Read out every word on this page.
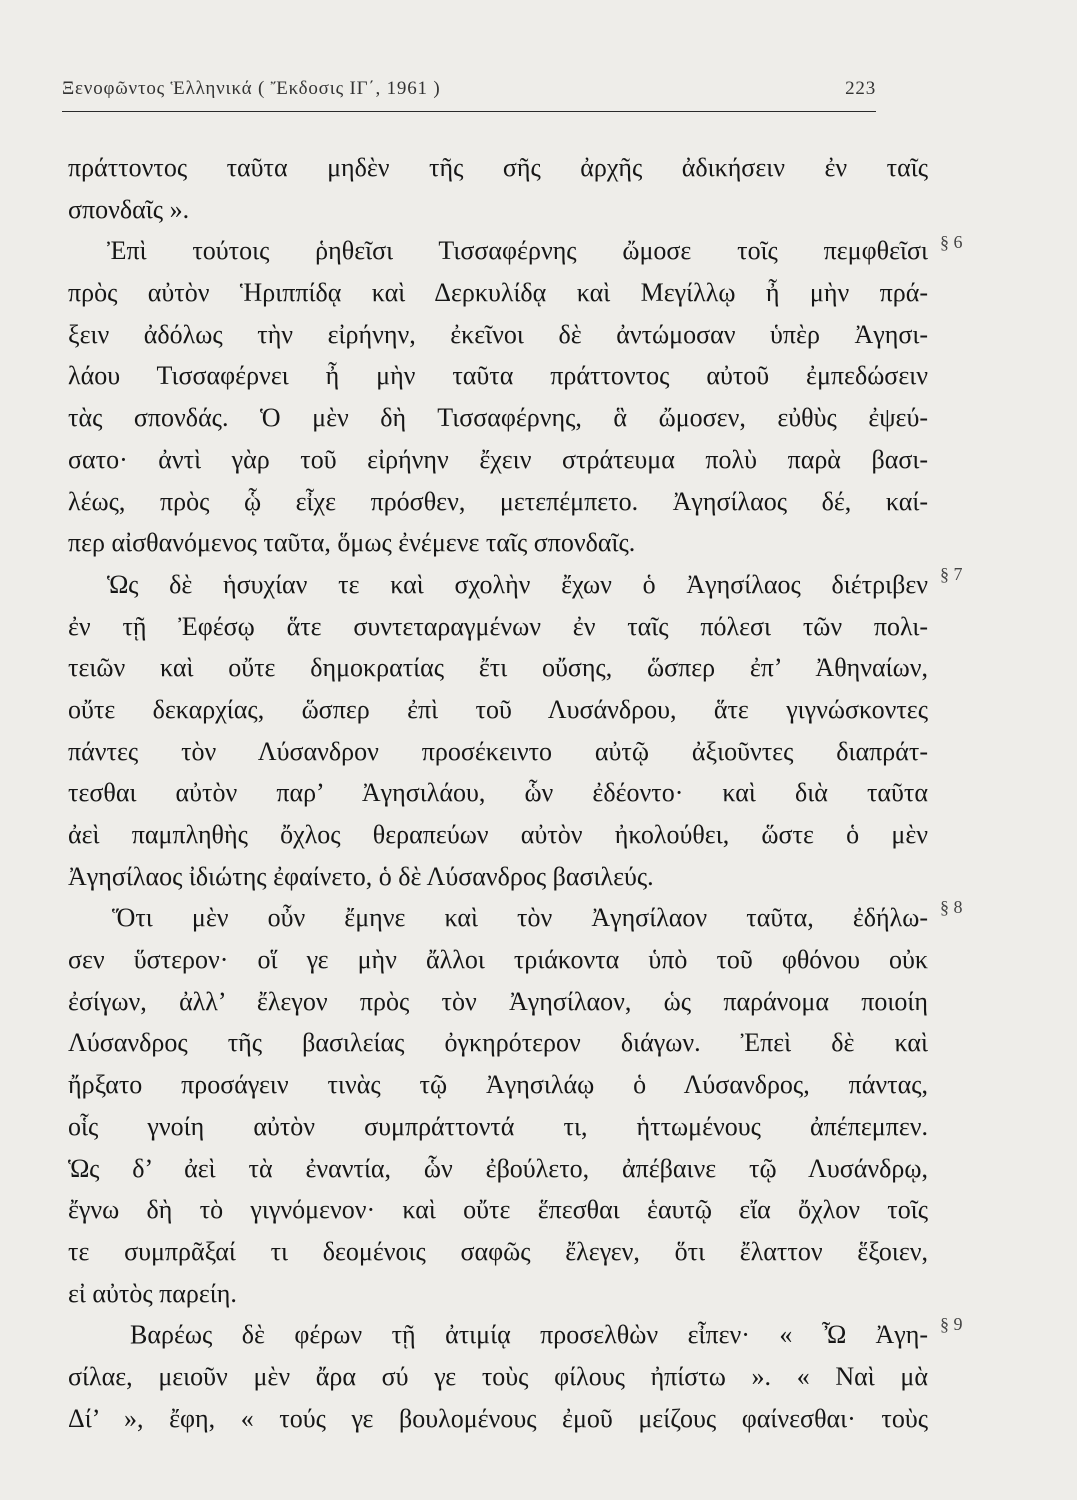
Ξενοφῶντος Ἑλληνικά ( Ἔκδοσις ΙΓ΄, 1961 )	223
πράττοντος ταῦτα μηδὲν τῆς σῆς ἀρχῆς ἀδικήσειν ἐν ταῖς
σπονδαῖς ».
Ἐπὶ τούτοις ῥηθεῖσι Τισσαφέρνης ὤμοσε τοῖς πεμφθεῖσι
πρὸς αὐτὸν Ἡριππίδᾳ καὶ Δερκυλίδᾳ καὶ Μεγίλλῳ ἦ μὴν πρά-
ξειν ἀδόλως τὴν εἰρήνην, ἐκεῖνοι δὲ ἀντώμοσαν ὑπὲρ Ἀγησι-
λάου Τισσαφέρνει ἦ μὴν ταῦτα πράττοντος αὐτοῦ ἐμπεδώσειν
τὰς σπονδάς. Ὁ μὲν δὴ Τισσαφέρνης, ἃ ὤμοσεν, εὐθὺς ἐψεύ-
σατο· ἀντὶ γὰρ τοῦ εἰρήνην ἔχειν στράτευμα πολὺ παρὰ βασι-
λέως, πρὸς ᾧ εἶχε πρόσθεν, μετεπέμπετο. Ἀγησίλαος δέ, καί-
περ αἰσθανόμενος ταῦτα, ὅμως ἐνέμενε ταῖς σπονδαῖς.
Ὡς δὲ ἡσυχίαν τε καὶ σχολὴν ἔχων ὁ Ἀγησίλαος διέτριβεν
ἐν τῇ Ἐφέσῳ ἅτε συντεταραγμένων ἐν ταῖς πόλεσι τῶν πολι-
τειῶν καὶ οὔτε δημοκρατίας ἔτι οὔσης, ὥσπερ ἐπ’ Ἀθηναίων,
οὔτε δεκαρχίας, ὥσπερ ἐπὶ τοῦ Λυσάνδρου, ἅτε γιγνώσκοντες
πάντες τὸν Λύσανδρον προσέκειντο αὐτῷ ἀξιοῦντες διαπράτ-
τεσθαι αὐτὸν παρ’ Ἀγησιλάου, ὧν ἐδέοντο· καὶ διὰ ταῦτα
ἀεὶ παμπληθὴς ὄχλος θεραπεύων αὐτὸν ἠκολούθει, ὥστε ὁ μὲν
Ἀγησίλαος ἰδιώτης ἐφαίνετο, ὁ δὲ Λύσανδρος βασιλεύς.
Ὅτι μὲν οὖν ἔμηνε καὶ τὸν Ἀγησίλαον ταῦτα, ἐδήλω-
σεν ὕστερον· οἵ γε μὴν ἄλλοι τριάκοντα ὑπὸ τοῦ φθόνου οὐκ
ἐσίγων, ἀλλ’ ἔλεγον πρὸς τὸν Ἀγησίλαον, ὡς παράνομα ποιοίη
Λύσανδρος τῆς βασιλείας ὀγκηρότερον διάγων. Ἐπεὶ δὲ καὶ
ἤρξατο προσάγειν τινὰς τῷ Ἀγησιλάῳ ὁ Λύσανδρος, πάντας,
οἷς γνοίη αὐτὸν συμπράττοντά τι, ἡττωμένους ἀπέπεμπεν.
Ὡς δ’ ἀεὶ τὰ ἐναντία, ὧν ἐβούλετο, ἀπέβαινε τῷ Λυσάνδρῳ,
ἔγνω δὴ τὸ γιγνόμενον· καὶ οὔτε ἕπεσθαι ἑαυτῷ εἴα ὄχλον τοῖς
τε συμπρᾶξαί τι δεομένοις σαφῶς ἔλεγεν, ὅτι ἔλαττον ἕξοιεν,
εἰ αὐτὸς παρείη.
Βαρέως δὲ φέρων τῇ ἀτιμίᾳ προσελθὼν εἶπεν· « Ὦ Ἀγη-
σίλαε, μειοῦν μὲν ἄρα σύ γε τοὺς φίλους ἠπίστω ». « Ναὶ μὰ
Δί’ », ἔφη, « τούς γε βουλομένους ἐμοῦ μείζους φαίνεσθαι· τοὺς
§ 6
§ 7
§ 8
§ 9
